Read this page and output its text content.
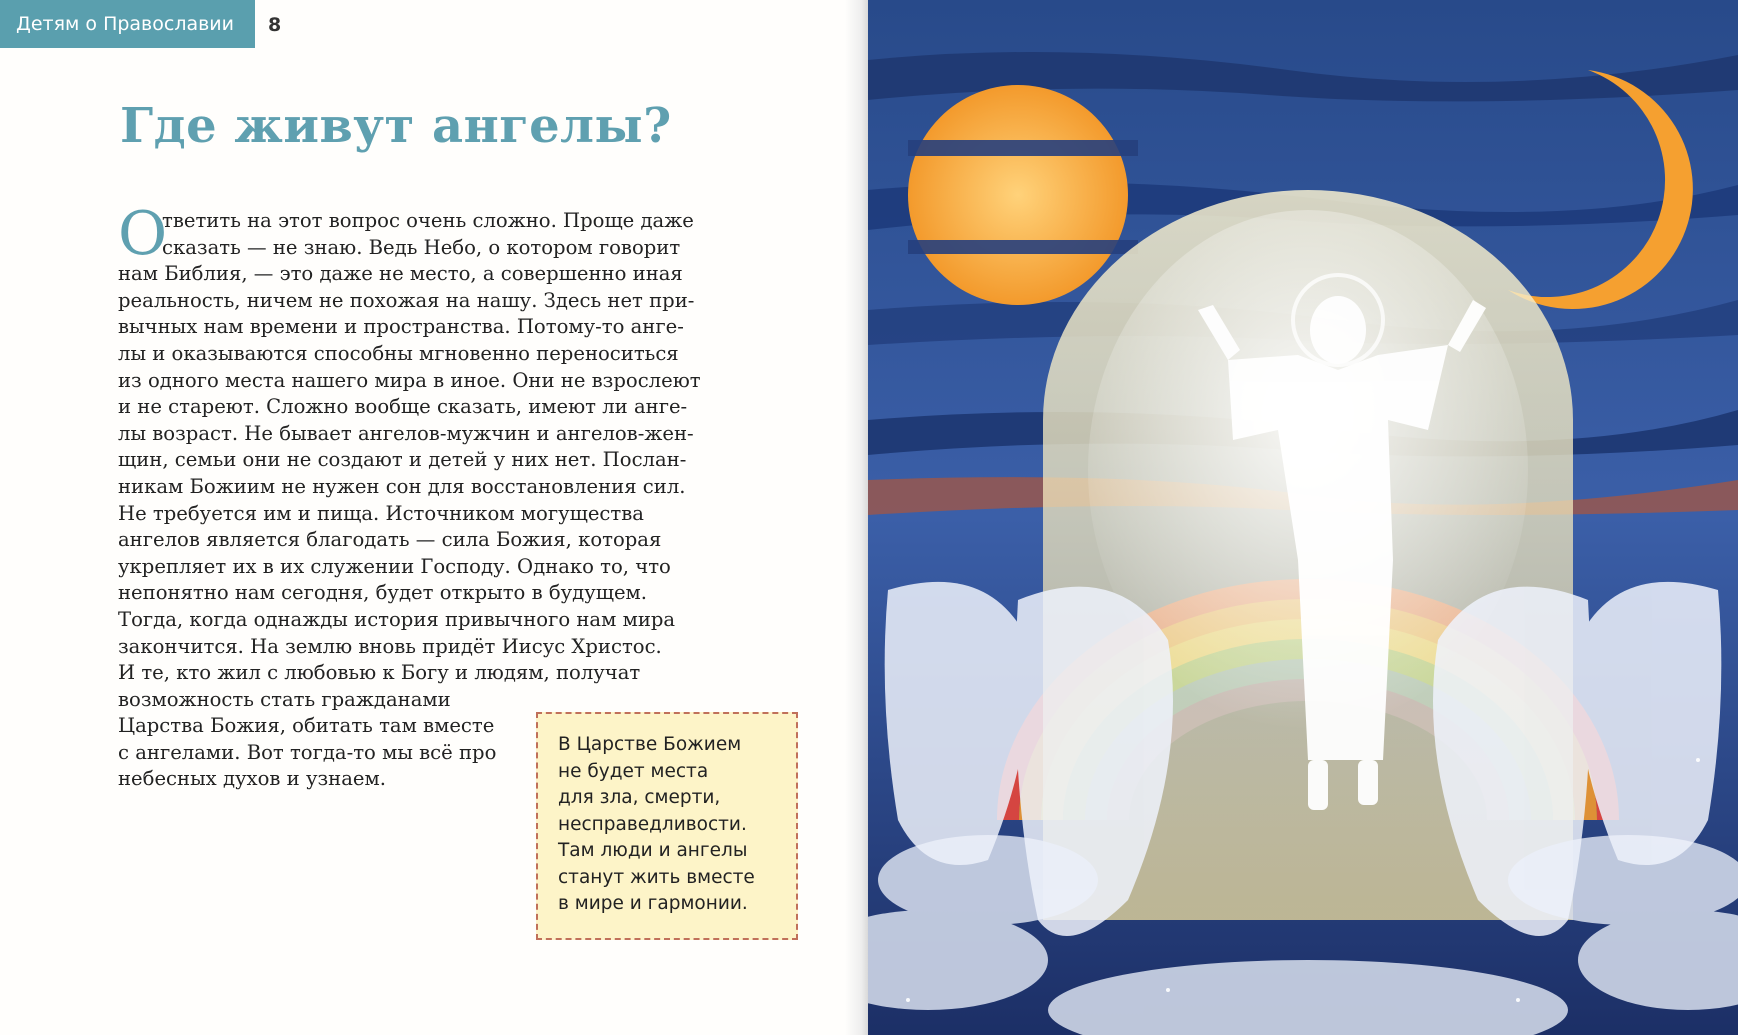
Детям о Православии	8
Где живут ангелы?
О
тветить на этот вопрос очень сложно. Проще даже
сказать — не знаю. Ведь Небо, о котором говорит
нам Библия, — это даже не место, а совершенно иная
реальность, ничем не похожая на нашу. Здесь нет при-
вычных нам времени и пространства. Потому-то анге-
лы и оказываются способны мгновенно переноситься
из одного места нашего мира в иное. Они не взрослеют
и не стареют. Сложно вообще сказать, имеют ли анге-
лы возраст. Не бывает ангелов-мужчин и ангелов-жен-
щин, семьи они не создают и детей у них нет. Послан-
никам Божиим не нужен сон для восстановления сил.
Не требуется им и пища. Источником могущества
ангелов является благодать — сила Божия, которая
укрепляет их в их служении Господу. Однако то, что
непонятно нам сегодня, будет открыто в будущем.
Тогда, когда однажды история привычного нам мира
закончится. На землю вновь придёт Иисус Христос.
И те, кто жил с любовью к Богу и людям, получат
возможность стать гражданами
Царства Божия, обитать там вместе
с ангелами. Вот тогда-то мы всё про
небесных духов и узнаем.
В Царстве Божием
не будет места
для зла, смерти,
несправедливости.
Там люди и ангелы
станут жить вместе
в мире и гармонии.
